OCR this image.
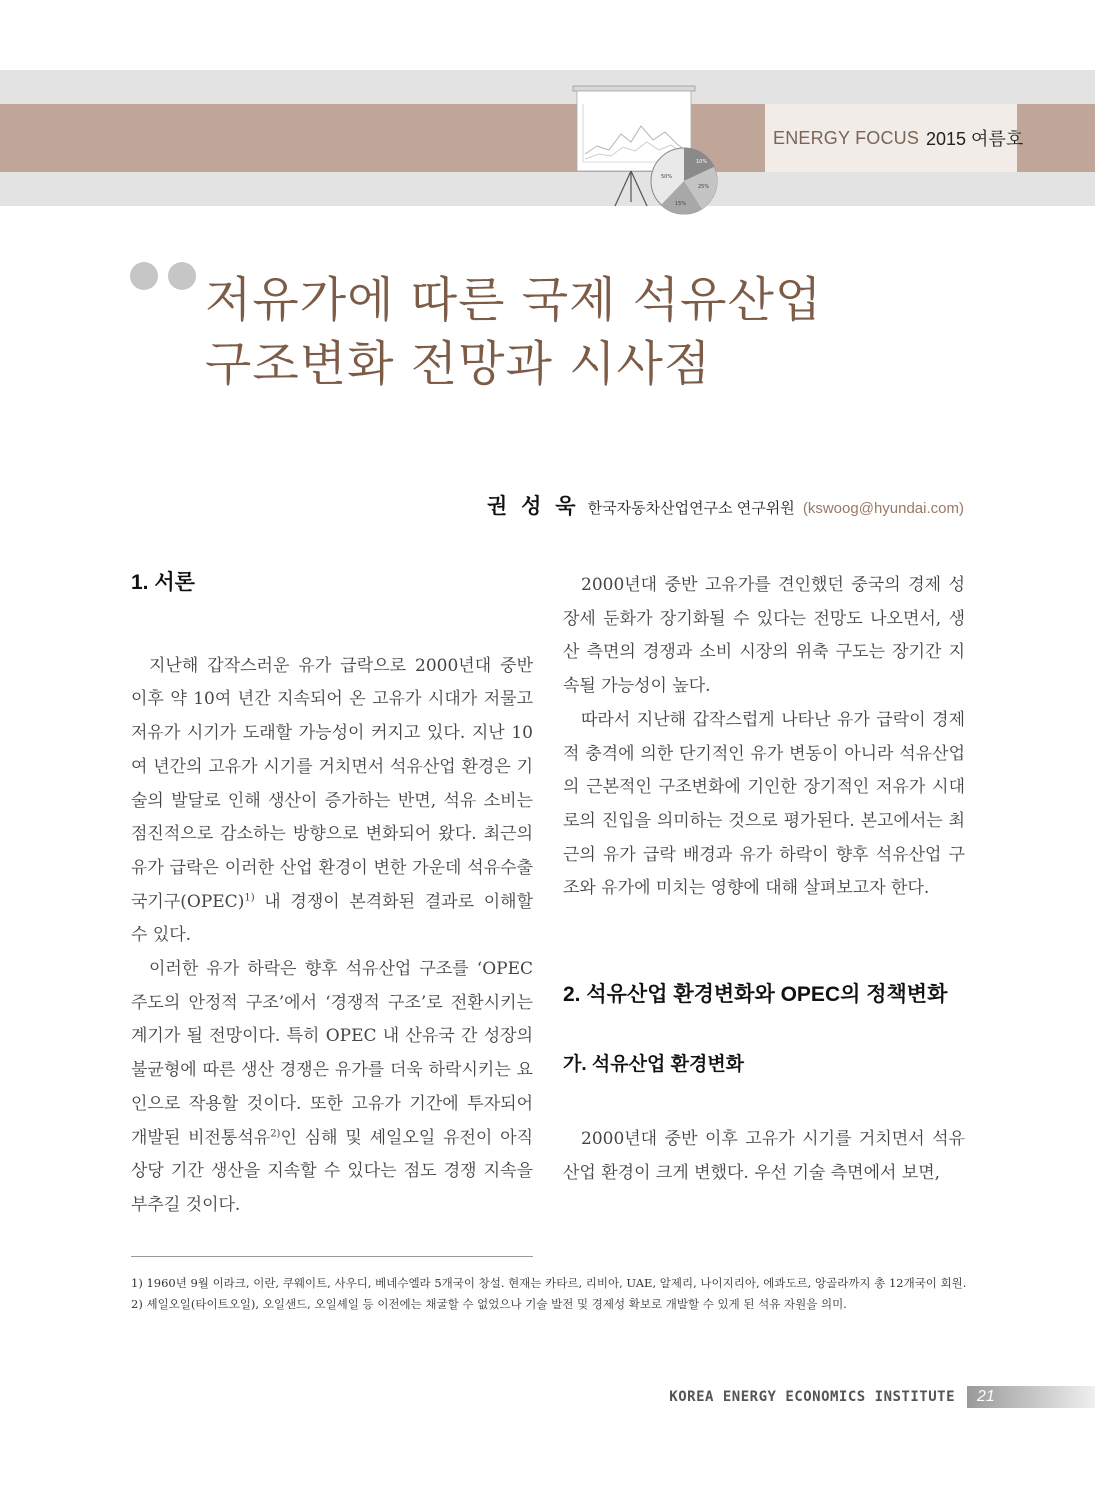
10%
50%
25%
15%
ENERGY FOCUS 2015 여름호
저유가에 따른 국제 석유산업
구조변화 전망과 시사점
권 성 욱 한국자동차산업연구소 연구위원 (kswoog@hyundai.com)
1. 서론

지난해 갑작스러운 유가 급락으로 2000년대 중반 이후 약 10여 년간 지속되어 온 고유가 시대가 저물고 저유가 시기가 도래할 가능성이 커지고 있다. 지난 10여 년간의 고유가 시기를 거치면서 석유산업 환경은 기술의 발달로 인해 생산이 증가하는 반면, 석유 소비는 점진적으로 감소하는 방향으로 변화되어 왔다. 최근의 유가 급락은 이러한 산업 환경이 변한 가운데 석유수출국기구(OPEC)$^{1)}$ 내 경쟁이 본격화된 결과로 이해할 수 있다.

이러한 유가 하락은 향후 석유산업 구조를 ‘OPEC 주도의 안정적 구조’에서 ‘경쟁적 구조’로 전환시키는 계기가 될 전망이다. 특히 OPEC 내 산유국 간 성장의 불균형에 따른 생산 경쟁은 유가를 더욱 하락시키는 요인으로 작용할 것이다. 또한 고유가 기간에 투자되어 개발된 비전통석유$^{2)}$인 심해 및 셰일오일 유전이 아직 상당 기간 생산을 지속할 수 있다는 점도 경쟁 지속을 부추길 것이다.

2000년대 중반 고유가를 견인했던 중국의 경제 성장세 둔화가 장기화될 수 있다는 전망도 나오면서, 생산 측면의 경쟁과 소비 시장의 위축 구도는 장기간 지속될 가능성이 높다.

따라서 지난해 갑작스럽게 나타난 유가 급락이 경제적 충격에 의한 단기적인 유가 변동이 아니라 석유산업의 근본적인 구조변화에 기인한 장기적인 저유가 시대로의 진입을 의미하는 것으로 평가된다. 본고에서는 최근의 유가 급락 배경과 유가 하락이 향후 석유산업 구조와 유가에 미치는 영향에 대해 살펴보고자 한다.

2. 석유산업 환경변화와 OPEC의 정책변화
가. 석유산업 환경변화

2000년대 중반 이후 고유가 시기를 거치면서 석유산업 환경이 크게 변했다. 우선 기술 측면에서 보면,

1) 1960년 9월 이라크, 이란, 쿠웨이트, 사우디, 베네수엘라 5개국이 창설. 현재는 카타르, 리비아, UAE, 알제리, 나이지리아, 에콰도르, 앙골라까지 총 12개국이 회원.
2) 셰일오일(타이트오일), 오일샌드, 오일셰일 등 이전에는 채굴할 수 없었으나 기술 발전 및 경제성 확보로 개발할 수 있게 된 석유 자원을 의미.
KOREA ENERGY ECONOMICS INSTITUTE	21
